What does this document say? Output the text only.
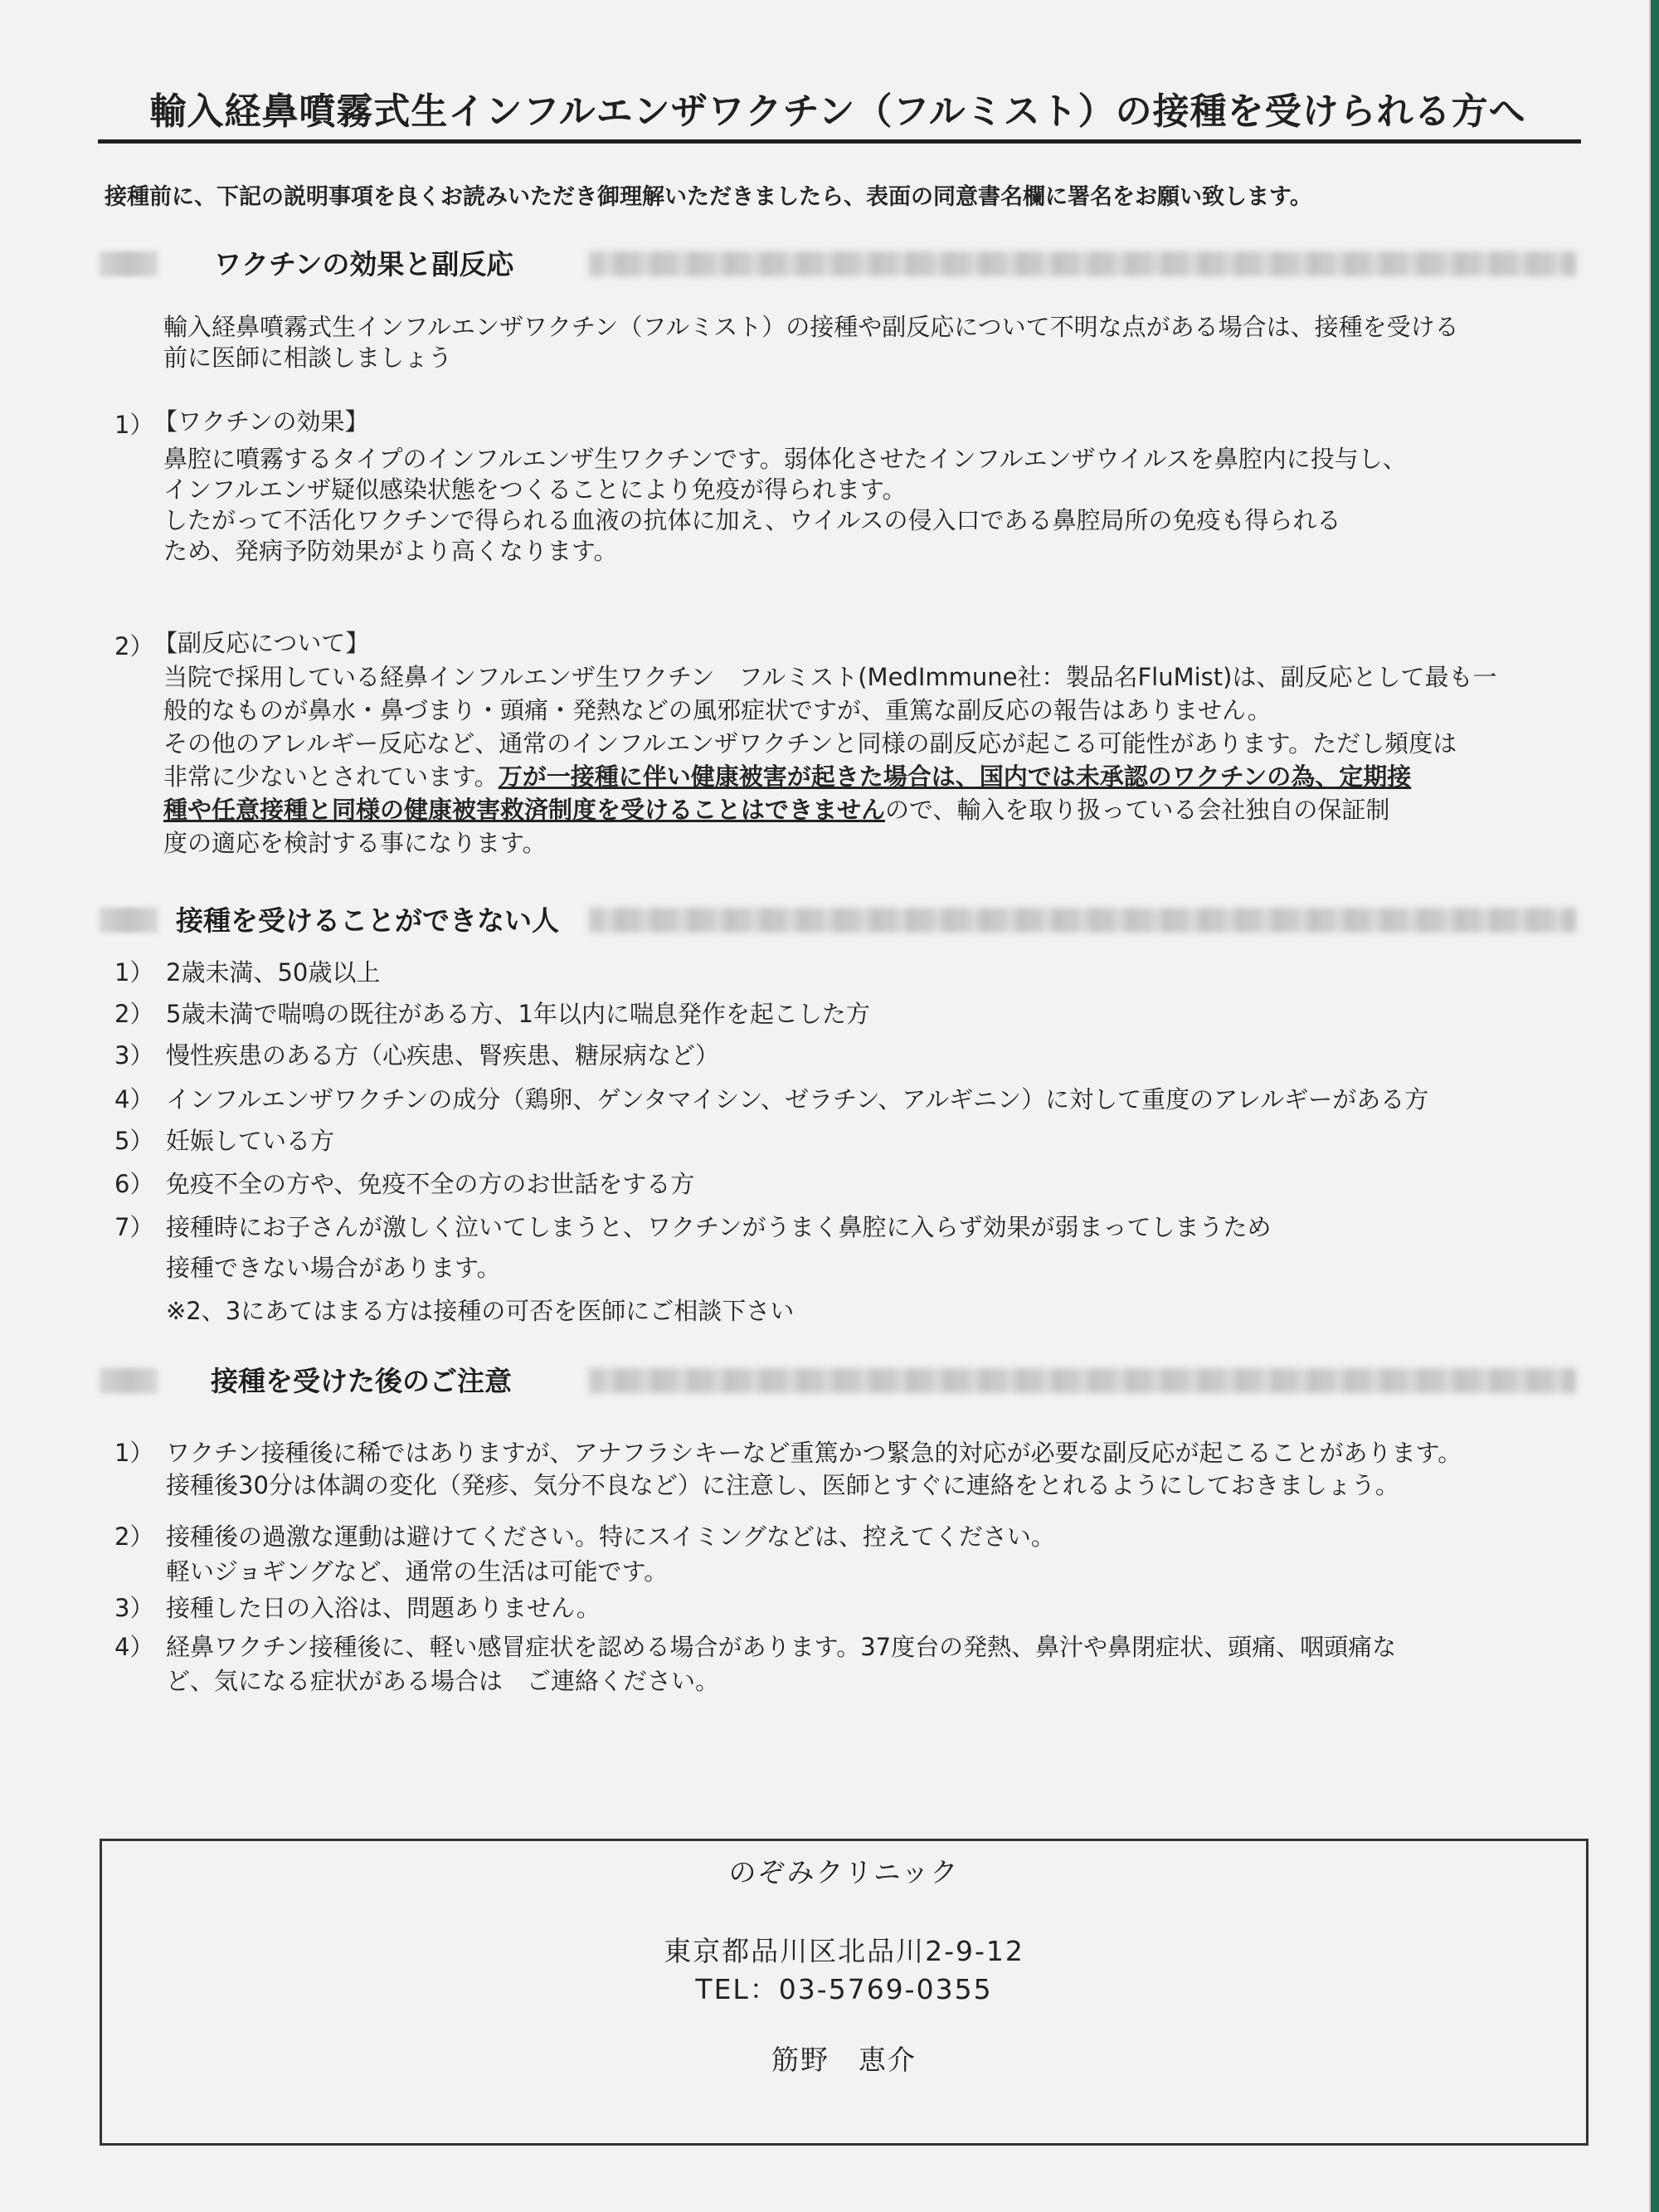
輸入経鼻噴霧式生インフルエンザワクチン（フルミスト）の接種を受けられる方へ
接種前に、下記の説明事項を良くお読みいただき御理解いただきましたら、表面の同意書名欄に署名をお願い致します。
ワクチンの効果と副反応
輸入経鼻噴霧式生インフルエンザワクチン（フルミスト）の接種や副反応について不明な点がある場合は、接種を受ける
前に医師に相談しましょう
1） 【ワクチンの効果】
鼻腔に噴霧するタイプのインフルエンザ生ワクチンです。弱体化させたインフルエンザウイルスを鼻腔内に投与し、
インフルエンザ疑似感染状態をつくることにより免疫が得られます。
したがって不活化ワクチンで得られる血液の抗体に加え、ウイルスの侵入口である鼻腔局所の免疫も得られる
ため、発病予防効果がより高くなります。
2） 【副反応について】
当院で採用している経鼻インフルエンザ生ワクチン　フルミスト(MedImmune社：製品名FluMist)は、副反応として最も一
般的なものが鼻水・鼻づまり・頭痛・発熱などの風邪症状ですが、重篤な副反応の報告はありません。
その他のアレルギー反応など、通常のインフルエンザワクチンと同様の副反応が起こる可能性があります。ただし頻度は
非常に少ないとされています。万が一接種に伴い健康被害が起きた場合は、国内では未承認のワクチンの為、定期接
種や任意接種と同様の健康被害救済制度を受けることはできませんので、輸入を取り扱っている会社独自の保証制
度の適応を検討する事になります。
接種を受けることができない人
1） 2歳未満、50歳以上
2） 5歳未満で喘鳴の既往がある方、1年以内に喘息発作を起こした方
3） 慢性疾患のある方（心疾患、腎疾患、糖尿病など）
4） インフルエンザワクチンの成分（鶏卵、ゲンタマイシン、ゼラチン、アルギニン）に対して重度のアレルギーがある方
5） 妊娠している方
6） 免疫不全の方や、免疫不全の方のお世話をする方
7） 接種時にお子さんが激しく泣いてしまうと、ワクチンがうまく鼻腔に入らず効果が弱まってしまうため
接種できない場合があります。
※2、3にあてはまる方は接種の可否を医師にご相談下さい
接種を受けた後のご注意
1） ワクチン接種後に稀ではありますが、アナフラシキーなど重篤かつ緊急的対応が必要な副反応が起こることがあります。
接種後30分は体調の変化（発疹、気分不良など）に注意し、医師とすぐに連絡をとれるようにしておきましょう。
2） 接種後の過激な運動は避けてください。特にスイミングなどは、控えてください。
軽いジョギングなど、通常の生活は可能です。
3） 接種した日の入浴は、問題ありません。
4） 経鼻ワクチン接種後に、軽い感冒症状を認める場合があります。37度台の発熱、鼻汁や鼻閉症状、頭痛、咽頭痛な
ど、気になる症状がある場合は　ご連絡ください。
のぞみクリニック
東京都品川区北品川2-9-12
TEL：03-5769-0355
筋野　恵介
